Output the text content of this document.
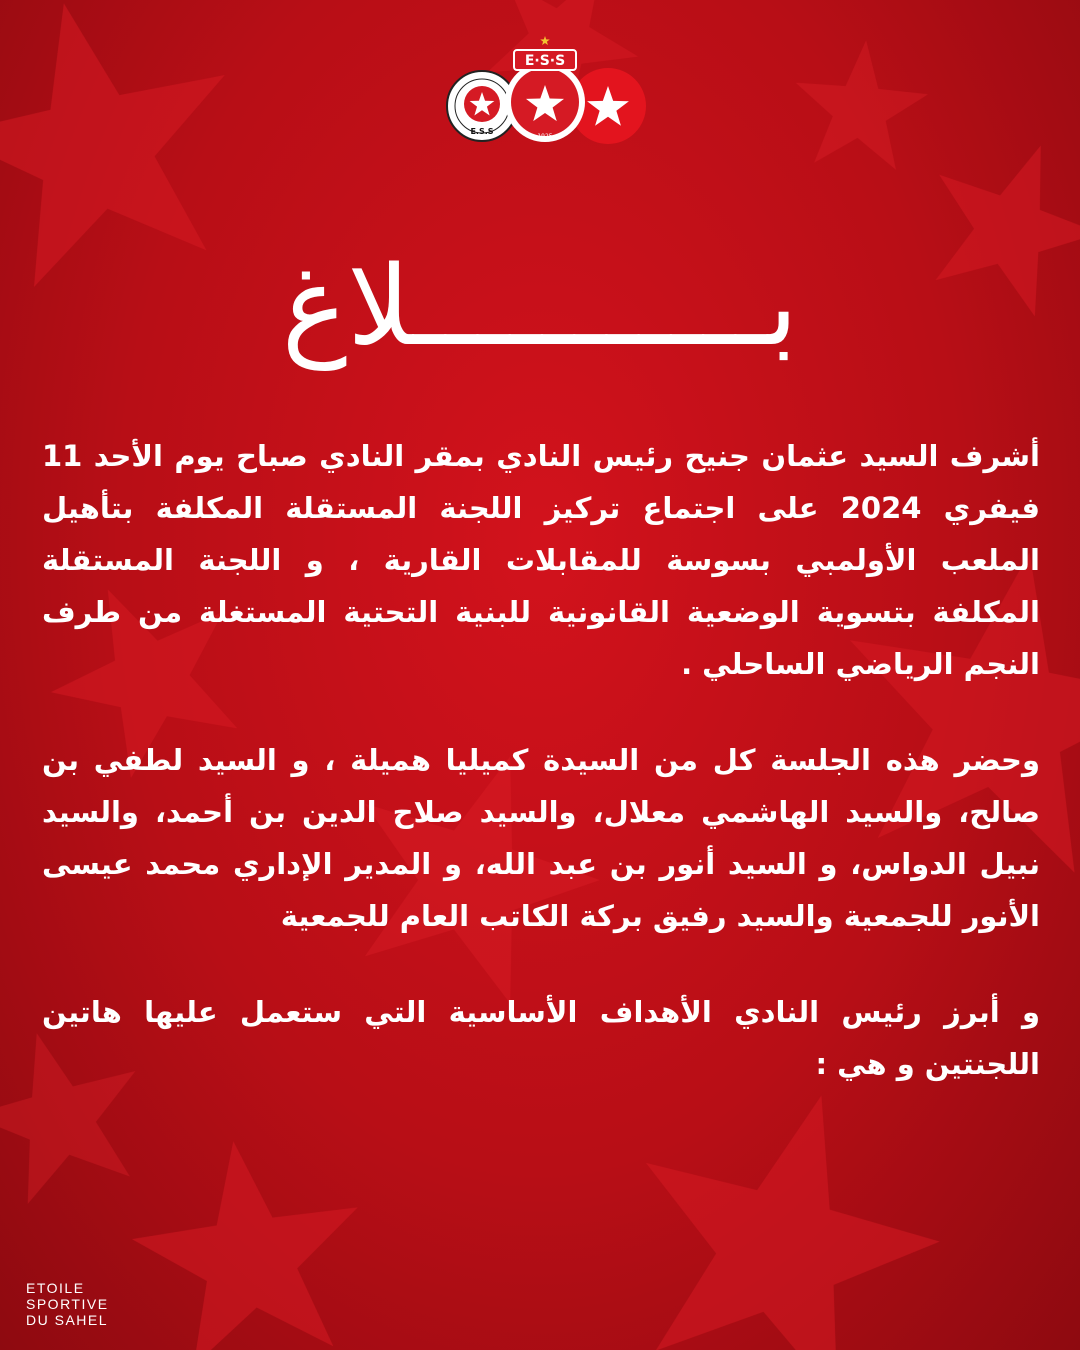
E.S.S
E·S·S
1925
بـــــــــــلاغ

أشرف السيد عثمان جنيح رئيس النادي بمقر النادي صباح يوم الأحد 11 فيفري 2024 على اجتماع تركيز اللجنة المستقلة المكلفة بتأهيل الملعب الأولمبي بسوسة للمقابلات القارية ، و اللجنة المستقلة المكلفة بتسوية الوضعية القانونية للبنية التحتية المستغلة من طرف النجم الرياضي الساحلي .

وحضر هذه الجلسة كل من السيدة كميليا هميلة ، و السيد لطفي بن صالح، والسيد الهاشمي معلال، والسيد صلاح الدين بن أحمد، والسيد نبيل الدواس، و السيد أنور بن عبد الله، و المدير الإداري محمد عيسى الأنور للجمعية والسيد رفيق بركة الكاتب العام للجمعية

و أبرز رئيس النادي الأهداف الأساسية التي ستعمل عليها هاتين اللجنتين و هي :

ETOILE
SPORTIVE
DU SAHEL
